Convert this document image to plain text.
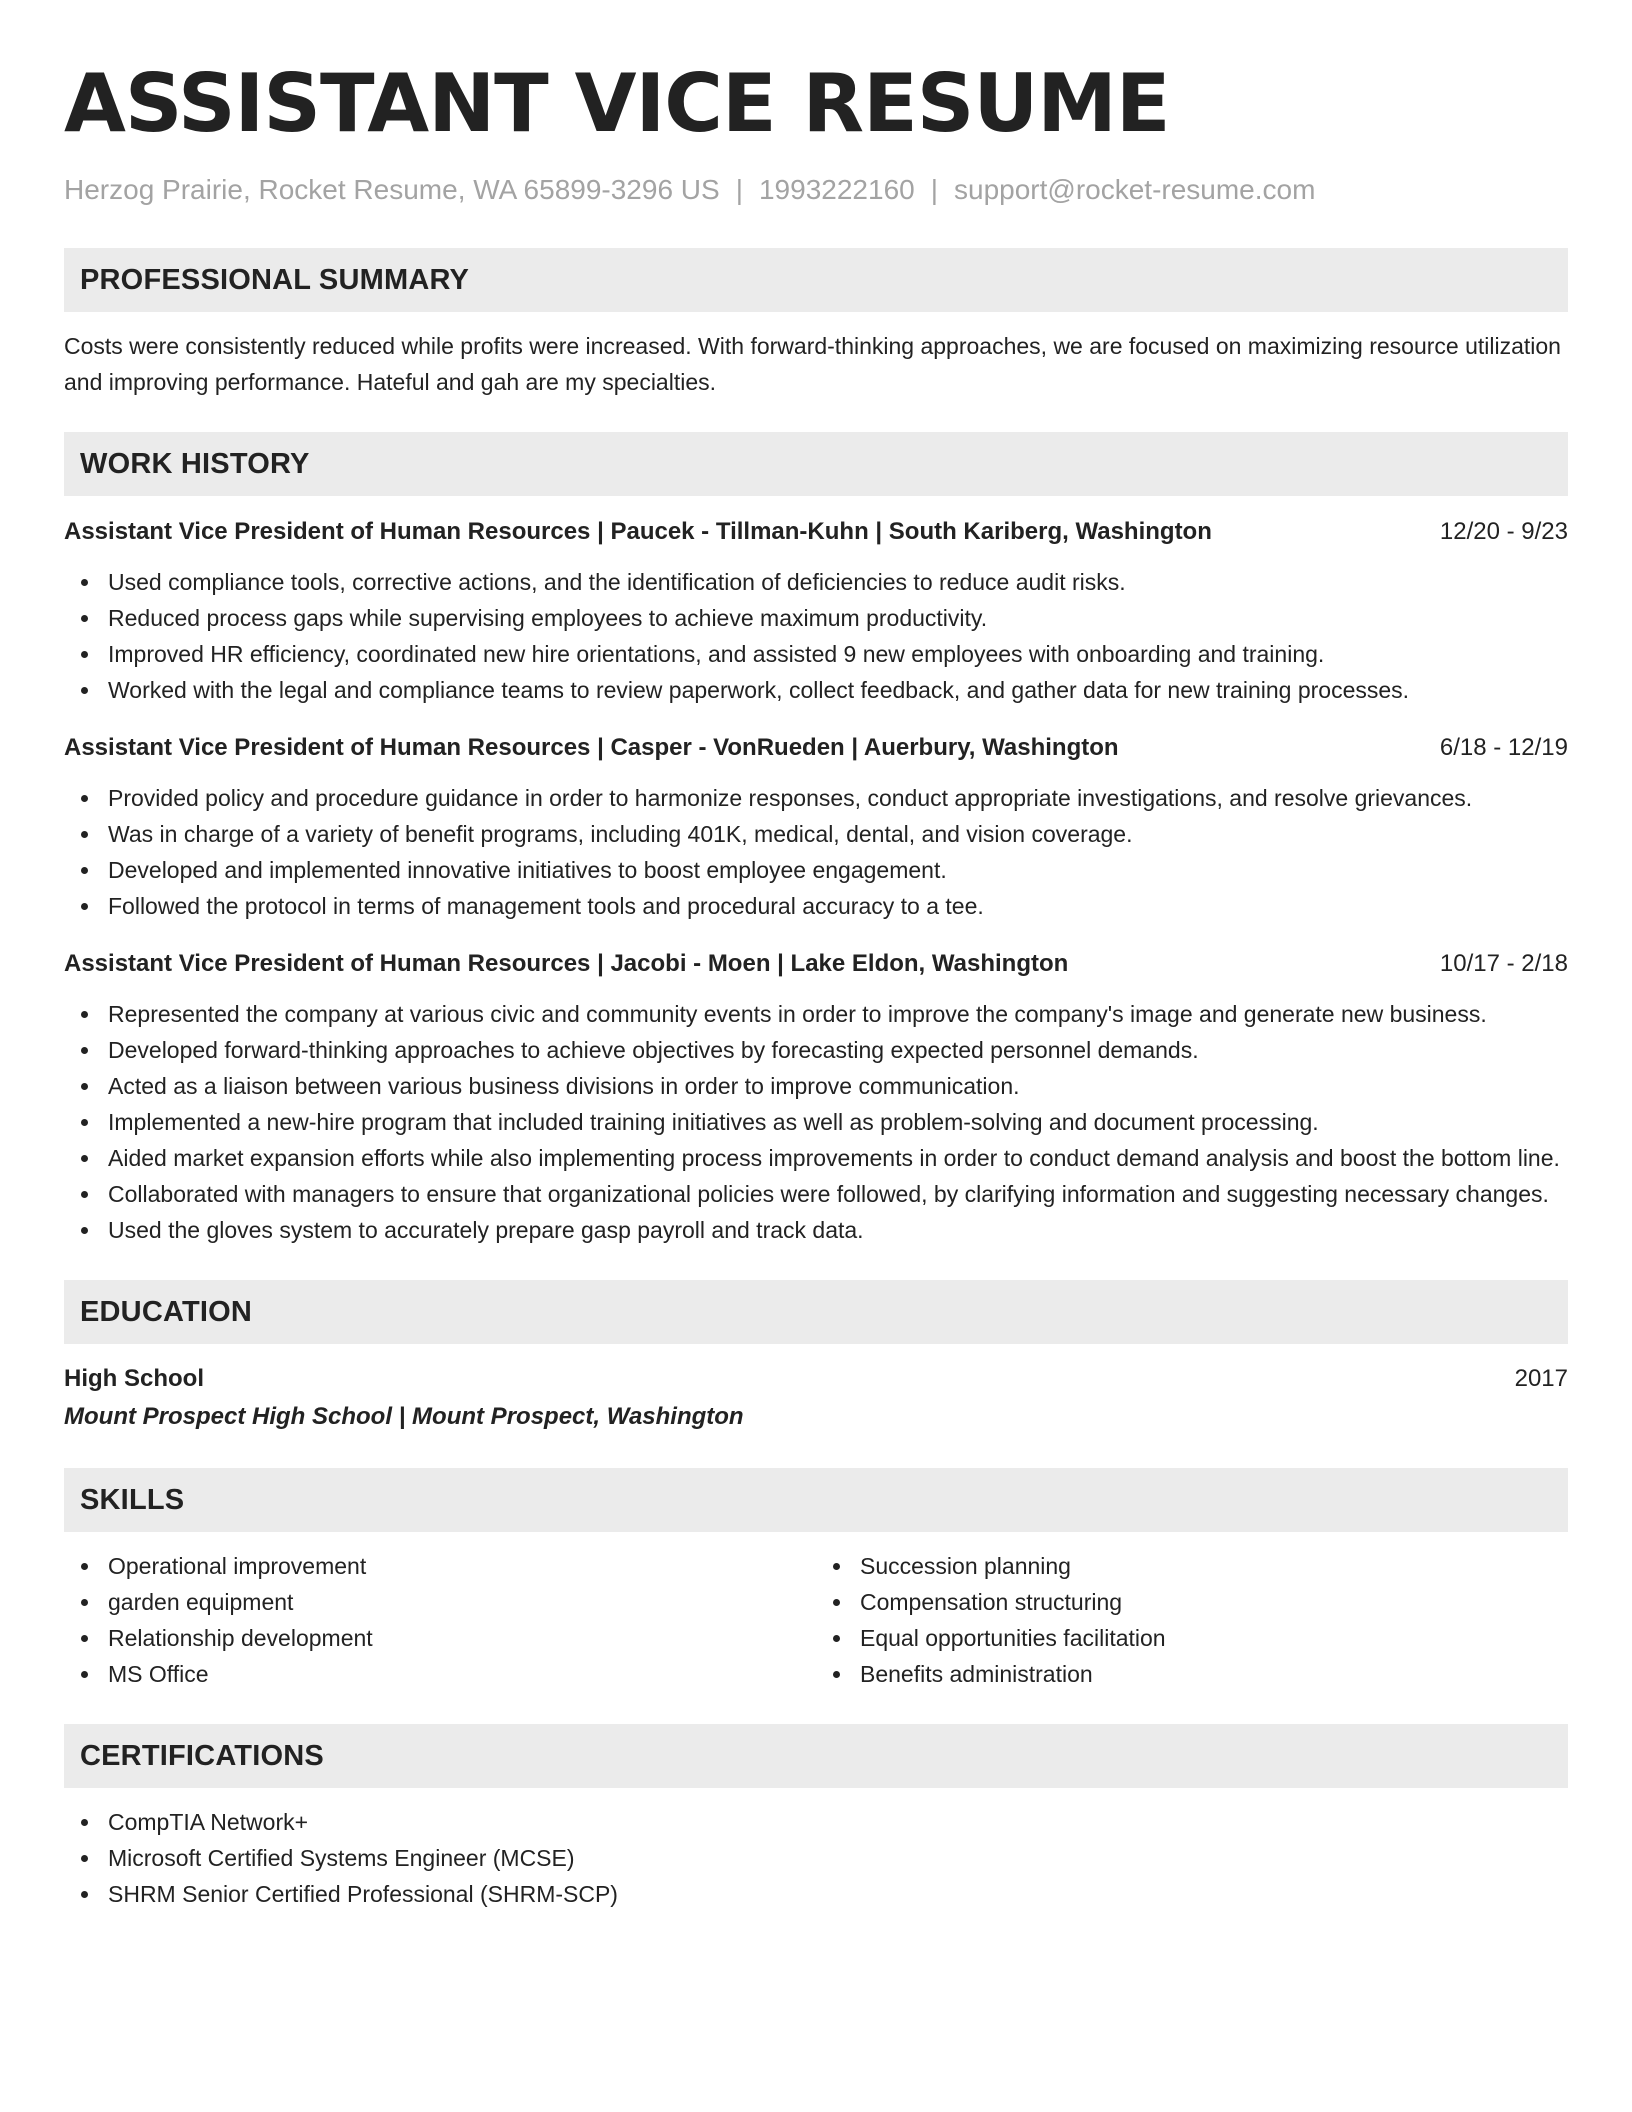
ASSISTANT VICE RESUME
Herzog Prairie, Rocket Resume, WA 65899-3296 US | 1993222160 | support@rocket-resume.com
PROFESSIONAL SUMMARY

Costs were consistently reduced while profits were increased. With forward-thinking approaches, we are focused on maximizing resource utilization and improving performance. Hateful and gah are my specialties.

WORK HISTORY
Assistant Vice President of Human Resources | Paucek - Tillman-Kuhn | South Kariberg, Washington	12/20 - 9/23
Used compliance tools, corrective actions, and the identification of deficiencies to reduce audit risks.
Reduced process gaps while supervising employees to achieve maximum productivity.
Improved HR efficiency, coordinated new hire orientations, and assisted 9 new employees with onboarding and training.
Worked with the legal and compliance teams to review paperwork, collect feedback, and gather data for new training processes.
Assistant Vice President of Human Resources | Casper - VonRueden | Auerbury, Washington	6/18 - 12/19
Provided policy and procedure guidance in order to harmonize responses, conduct appropriate investigations, and resolve grievances.
Was in charge of a variety of benefit programs, including 401K, medical, dental, and vision coverage.
Developed and implemented innovative initiatives to boost employee engagement.
Followed the protocol in terms of management tools and procedural accuracy to a tee.
Assistant Vice President of Human Resources | Jacobi - Moen | Lake Eldon, Washington	10/17 - 2/18
Represented the company at various civic and community events in order to improve the company's image and generate new business.
Developed forward-thinking approaches to achieve objectives by forecasting expected personnel demands.
Acted as a liaison between various business divisions in order to improve communication.
Implemented a new-hire program that included training initiatives as well as problem-solving and document processing.
Aided market expansion efforts while also implementing process improvements in order to conduct demand analysis and boost the bottom line.
Collaborated with managers to ensure that organizational policies were followed, by clarifying information and suggesting necessary changes.
Used the gloves system to accurately prepare gasp payroll and track data.
EDUCATION
High School	2017
Mount Prospect High School | Mount Prospect, Washington
SKILLS
Operational improvement
garden equipment
Relationship development
MS Office
Succession planning
Compensation structuring
Equal opportunities facilitation
Benefits administration
CERTIFICATIONS
CompTIA Network+
Microsoft Certified Systems Engineer (MCSE)
SHRM Senior Certified Professional (SHRM-SCP)
